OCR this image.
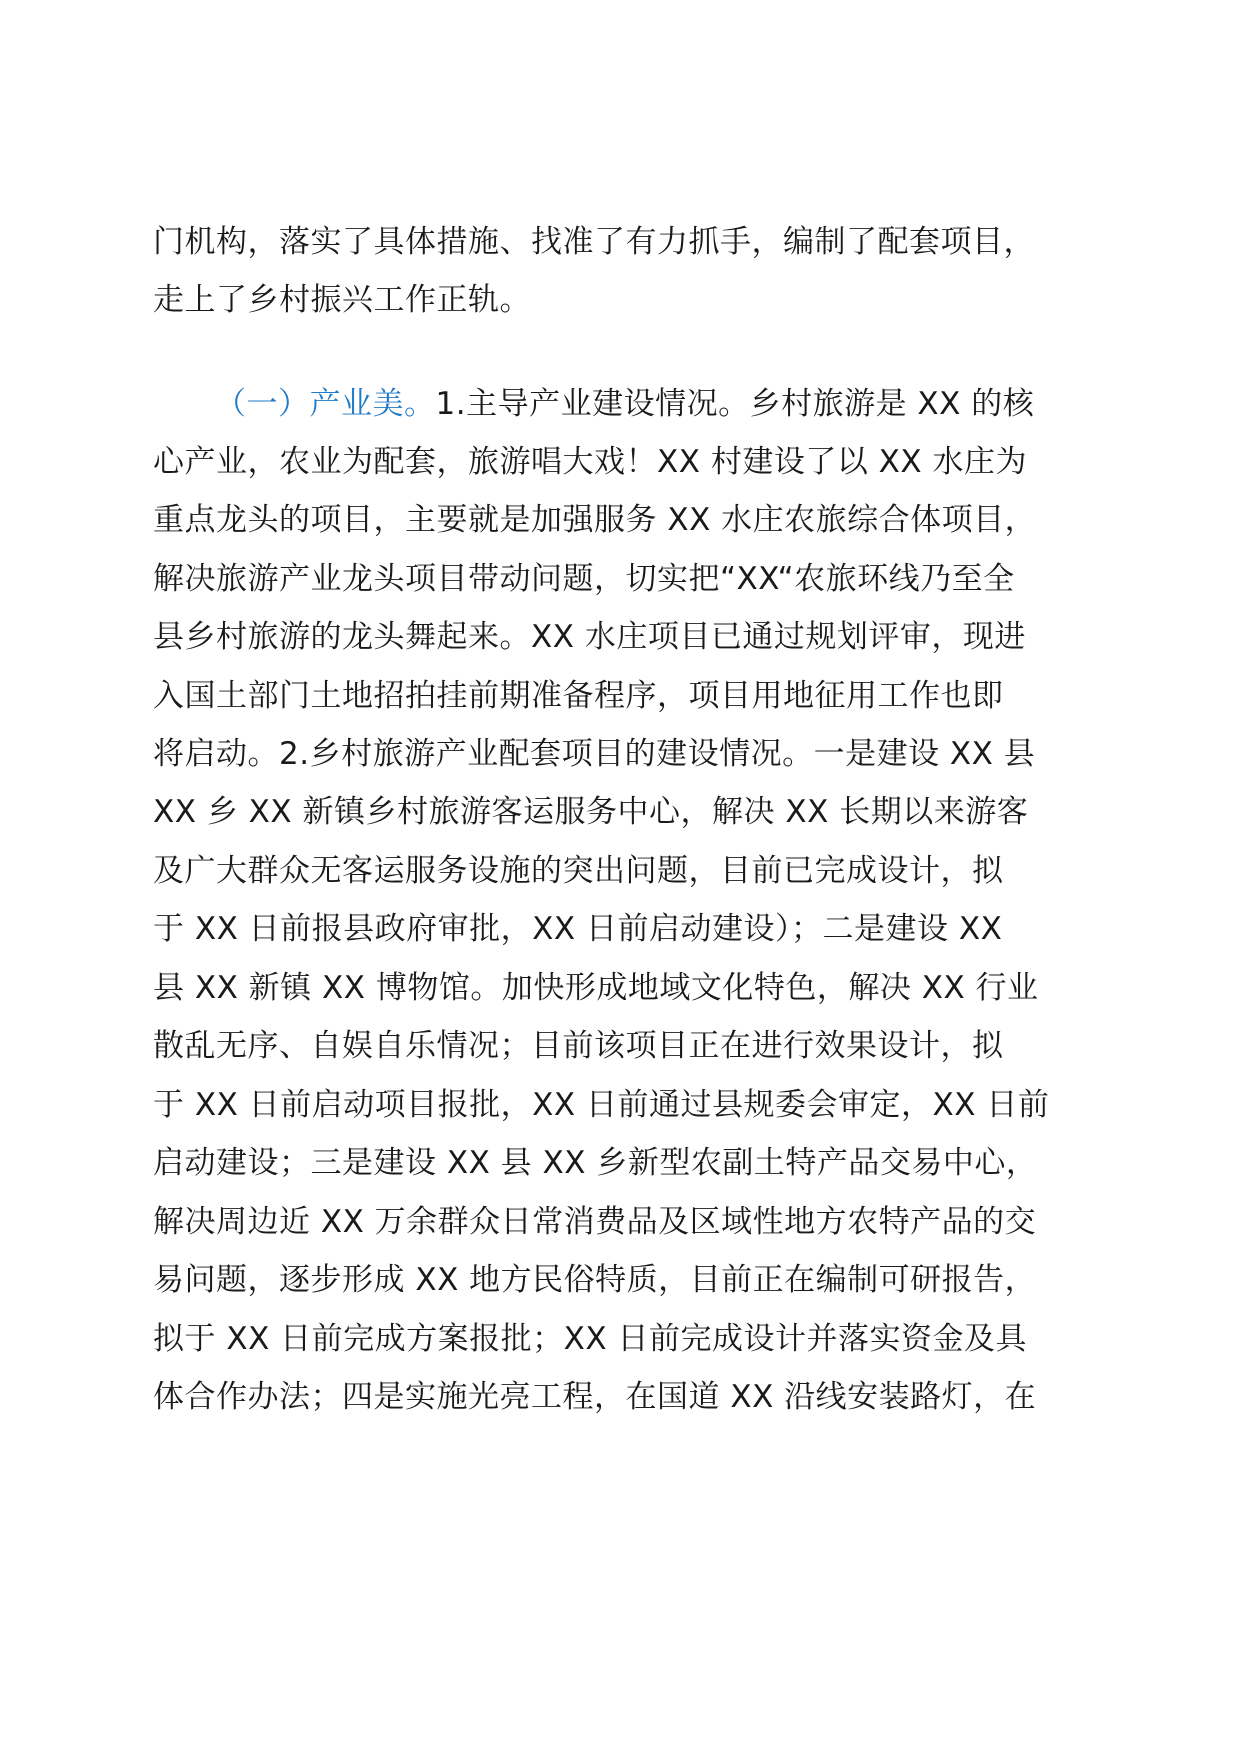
门机构，落实了具体措施、找准了有力抓手，编制了配套项目，
走上了乡村振兴工作正轨。
（一）产业美。1.主导产业建设情况。乡村旅游是 XX 的核
心产业，农业为配套，旅游唱大戏！XX 村建设了以 XX 水庄为
重点龙头的项目，主要就是加强服务 XX 水庄农旅综合体项目，
解决旅游产业龙头项目带动问题，切实把“XX“农旅环线乃至全
县乡村旅游的龙头舞起来。XX 水庄项目已通过规划评审，现进
入国土部门土地招拍挂前期准备程序，项目用地征用工作也即
将启动。2.乡村旅游产业配套项目的建设情况。一是建设 XX 县
XX 乡 XX 新镇乡村旅游客运服务中心，解决 XX 长期以来游客
及广大群众无客运服务设施的突出问题，目前已完成设计，拟
于 XX 日前报县政府审批，XX 日前启动建设）；二是建设 XX
县 XX 新镇 XX 博物馆。加快形成地域文化特色，解决 XX 行业
散乱无序、自娱自乐情况；目前该项目正在进行效果设计，拟
于 XX 日前启动项目报批，XX 日前通过县规委会审定，XX 日前
启动建设；三是建设 XX 县 XX 乡新型农副土特产品交易中心，
解决周边近 XX 万余群众日常消费品及区域性地方农特产品的交
易问题，逐步形成 XX 地方民俗特质，目前正在编制可研报告，
拟于 XX 日前完成方案报批；XX 日前完成设计并落实资金及具
体合作办法；四是实施光亮工程，在国道 XX 沿线安装路灯，在
